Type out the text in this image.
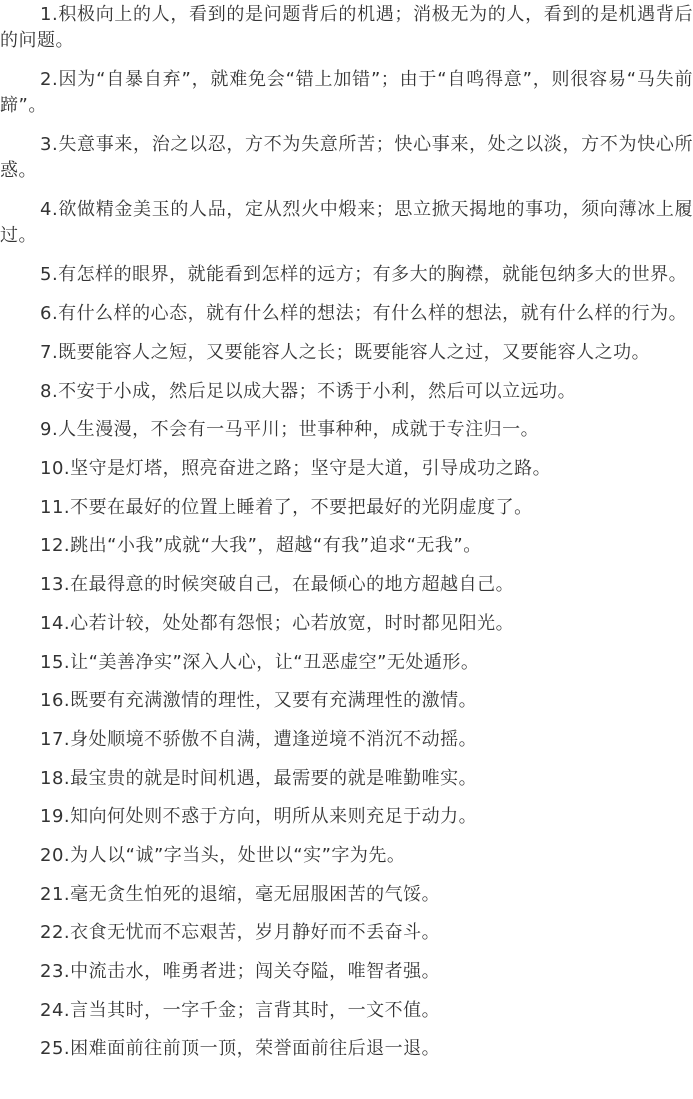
1.积极向上的人，看到的是问题背后的机遇；消极无为的人，看到的是机遇背后的问题。

2.因为“自暴自弃”，就难免会“错上加错”；由于“自鸣得意”，则很容易“马失前蹄”。

3.失意事来，治之以忍，方不为失意所苦；快心事来，处之以淡，方不为快心所惑。

4.欲做精金美玉的人品，定从烈火中煅来；思立掀天揭地的事功，须向薄冰上履过。

5.有怎样的眼界，就能看到怎样的远方；有多大的胸襟，就能包纳多大的世界。

6.有什么样的心态，就有什么样的想法；有什么样的想法，就有什么样的行为。

7.既要能容人之短，又要能容人之长；既要能容人之过，又要能容人之功。

8.不安于小成，然后足以成大器；不诱于小利，然后可以立远功。

9.人生漫漫，不会有一马平川；世事种种，成就于专注归一。

10.坚守是灯塔，照亮奋进之路；坚守是大道，引导成功之路。

11.不要在最好的位置上睡着了，不要把最好的光阴虚度了。

12.跳出“小我”成就“大我”，超越“有我”追求“无我”。

13.在最得意的时候突破自己，在最倾心的地方超越自己。

14.心若计较，处处都有怨恨；心若放宽，时时都见阳光。

15.让“美善净实”深入人心，让“丑恶虚空”无处遁形。

16.既要有充满激情的理性，又要有充满理性的激情。

17.身处顺境不骄傲不自满，遭逢逆境不消沉不动摇。

18.最宝贵的就是时间机遇，最需要的就是唯勤唯实。

19.知向何处则不惑于方向，明所从来则充足于动力。

20.为人以“诚”字当头，处世以“实”字为先。

21.毫无贪生怕死的退缩，毫无屈服困苦的气馁。

22.衣食无忧而不忘艰苦，岁月静好而不丢奋斗。

23.中流击水，唯勇者进；闯关夺隘，唯智者强。

24.言当其时，一字千金；言背其时，一文不值。

25.困难面前往前顶一顶，荣誉面前往后退一退。
